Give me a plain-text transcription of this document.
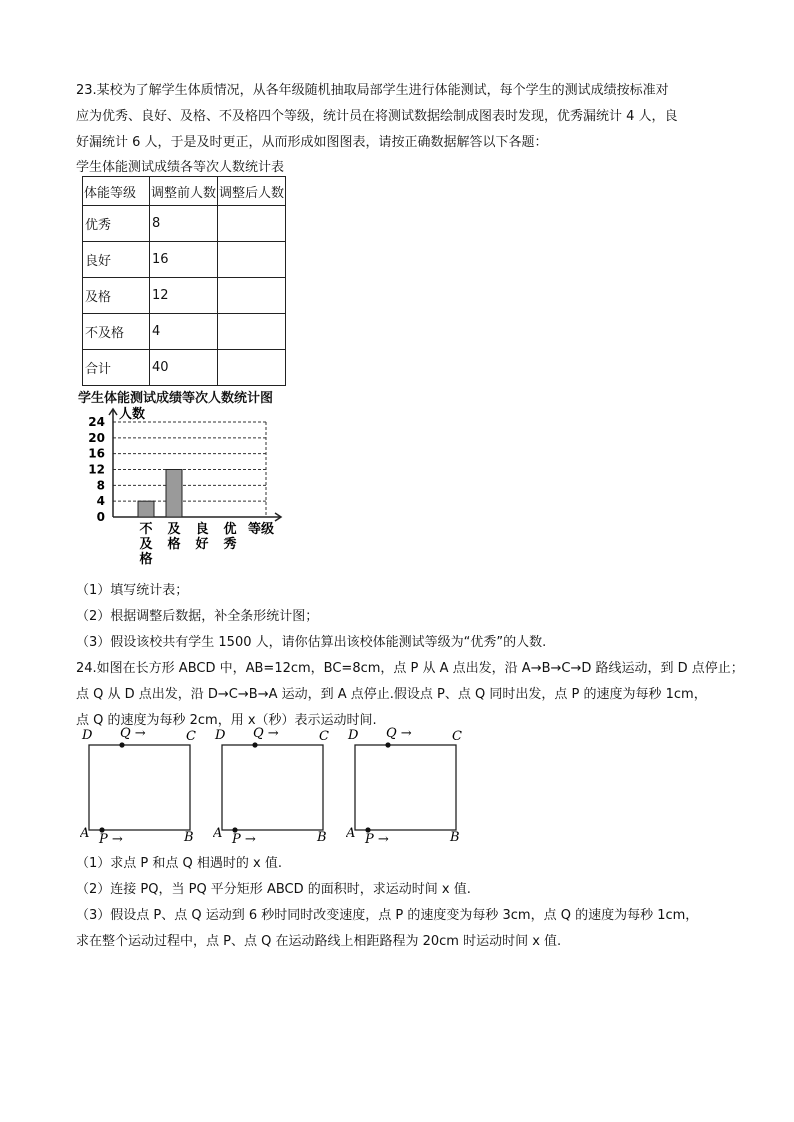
23.某校为了解学生体质情况，从各年级随机抽取局部学生进行体能测试，每个学生的测试成绩按标准对
应为优秀、良好、及格、不及格四个等级，统计员在将测试数据绘制成图表时发现，优秀漏统计 4 人，良
好漏统计 6 人，于是及时更正，从而形成如图图表，请按正确数据解答以下各题：
学生体能测试成绩各等次人数统计表
体能等级	调整前人数	调整后人数
优秀	8	
良好	16	
及格	12	
不及格	4	
合计	40	
学生体能测试成绩等次人数统计图
人数
24
20
16
12
8
4
0
不
及
格
及
格
良
好
优
秀
等级
（1）填写统计表；
（2）根据调整后数据，补全条形统计图；
（3）假设该校共有学生 1500 人，请你估算出该校体能测试等级为“优秀”的人数.
24.如图在长方形 ABCD 中，AB=12cm，BC=8cm，点 P 从 A 点出发，沿 A→B→C→D 路线运动，到 D 点停止；
点 Q 从 D 点出发，沿 D→C→B→A 运动，到 A 点停止.假设点 P、点 Q 同时出发，点 P 的速度为每秒 1cm，
点 Q 的速度为每秒 2cm，用 x（秒）表示运动时间.
D	C
A	B
Q →
P →
D	C
A	B
Q →
P →
D	C
A	B
Q →
P →
（1）求点 P 和点 Q 相遇时的 x 值.
（2）连接 PQ，当 PQ 平分矩形 ABCD 的面积时，求运动时间 x 值.
（3）假设点 P、点 Q 运动到 6 秒时同时改变速度，点 P 的速度变为每秒 3cm，点 Q 的速度为每秒 1cm，
求在整个运动过程中，点 P、点 Q 在运动路线上相距路程为 20cm 时运动时间 x 值.
